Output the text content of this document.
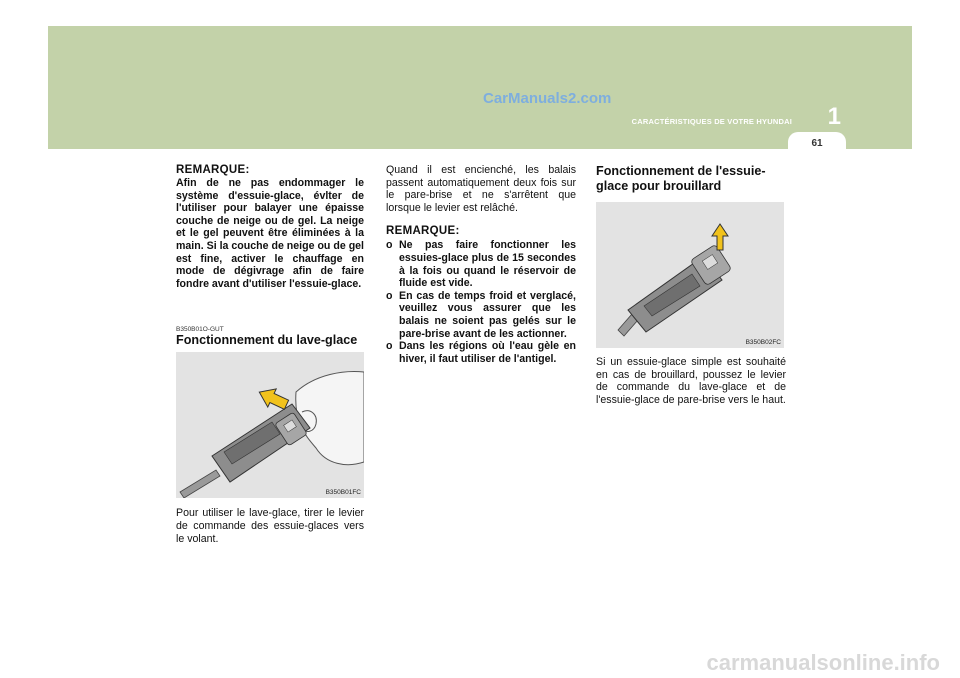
CarManuals2.com
CARACTÉRISTIQUES DE VOTRE HYUNDAI	1
61

REMARQUE:

Afin de ne pas endommager le système d'essuie-glace, évlter de l'utiliser pour balayer une épaisse couche de neige ou de gel. La neige et le gel peuvent être éliminées à la main. Si la couche de neige ou de gel est fine, activer le chauffage en mode de dégivrage afin de faire fondre avant d'utiliser l'essuie-glace.

B350B01O-GUT

Fonctionnement du lave-glace

B350B01FC

Pour utiliser le lave-glace, tirer le levier de commande des essuie-glaces vers le volant.

Quand il est encienché, les balais passent automatiquement deux fois sur le pare-brise et ne s'arrêtent que lorsque le levier est relâché.

REMARQUE:

o Ne pas faire fonctionner les essuies-glace plus de 15 secondes à la fois ou quand le réservoir de fluide est vide.
o En cas de temps froid et verglacé, veuillez vous assurer que les balais ne soient pas gelés sur le pare-brise avant de les actionner.
o Dans les régions où l'eau gèle en hiver, il faut utiliser de l'antigel.

Fonctionnement de l'essuie-glace pour brouillard

B350B02FC

Si un essuie-glace simple est souhaité en cas de brouillard, poussez le levier de commande du lave-glace et de l'essuie-glace de pare-brise vers le haut.

carmanualsonline.info
